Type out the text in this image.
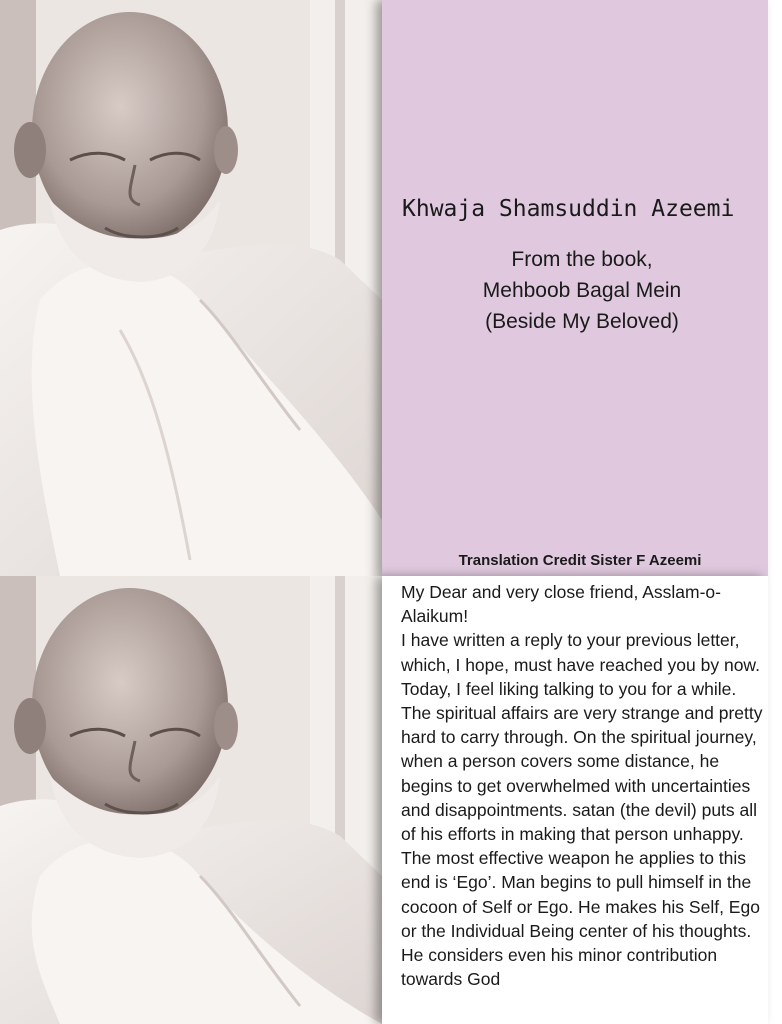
Khwaja Shamsuddin Azeemi
From the book,
Mehboob Bagal Mein
(Beside My Beloved)
Translation Credit Sister F Azeemi

My Dear and very close friend, Asslam-o-Alaikum!

I have written a reply to your previous letter, which, I hope, must have reached you by now. Today, I feel liking talking to you for a while. The spiritual affairs are very strange and pretty hard to carry through. On the spiritual journey, when a person covers some distance, he begins to get overwhelmed with uncertainties and disappointments. satan (the devil) puts all of his efforts in making that person unhappy. The most effective weapon he applies to this end is ‘Ego’. Man begins to pull himself in the cocoon of Self or Ego. He makes his Self, Ego or the Individual Being center of his thoughts. He considers even his minor contribution towards God
